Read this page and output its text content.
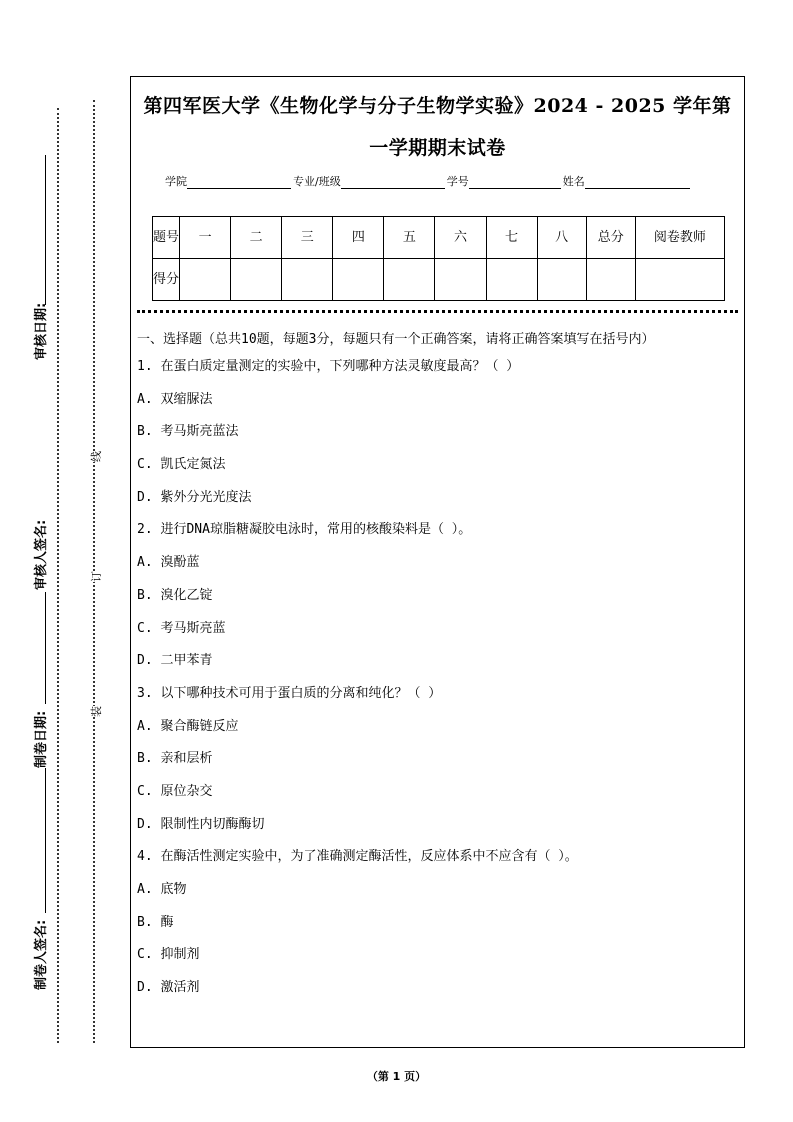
审核日期:
审核人签名:
制卷日期:
制卷人签名:
线
订
装
第四军医大学《生物化学与分子生物学实验》2024 - 2025 学年第
一学期期末试卷
学院	专业/班级	学号	姓名
题号	一	二	三	四	五	六	七	八	总分	阅卷教师
得分										
一、选择题（总共10题，每题3分，每题只有一个正确答案，请将正确答案填写在括号内）
1. 在蛋白质定量测定的实验中，下列哪种方法灵敏度最高？（ ）
A. 双缩脲法
B. 考马斯亮蓝法
C. 凯氏定氮法
D. 紫外分光光度法
2. 进行DNA琼脂糖凝胶电泳时，常用的核酸染料是（ ）。
A. 溴酚蓝
B. 溴化乙锭
C. 考马斯亮蓝
D. 二甲苯青
3. 以下哪种技术可用于蛋白质的分离和纯化？（ ）
A. 聚合酶链反应
B. 亲和层析
C. 原位杂交
D. 限制性内切酶酶切
4. 在酶活性测定实验中，为了准确测定酶活性，反应体系中不应含有（ ）。
A. 底物
B. 酶
C. 抑制剂
D. 激活剂
（第 1 页）
